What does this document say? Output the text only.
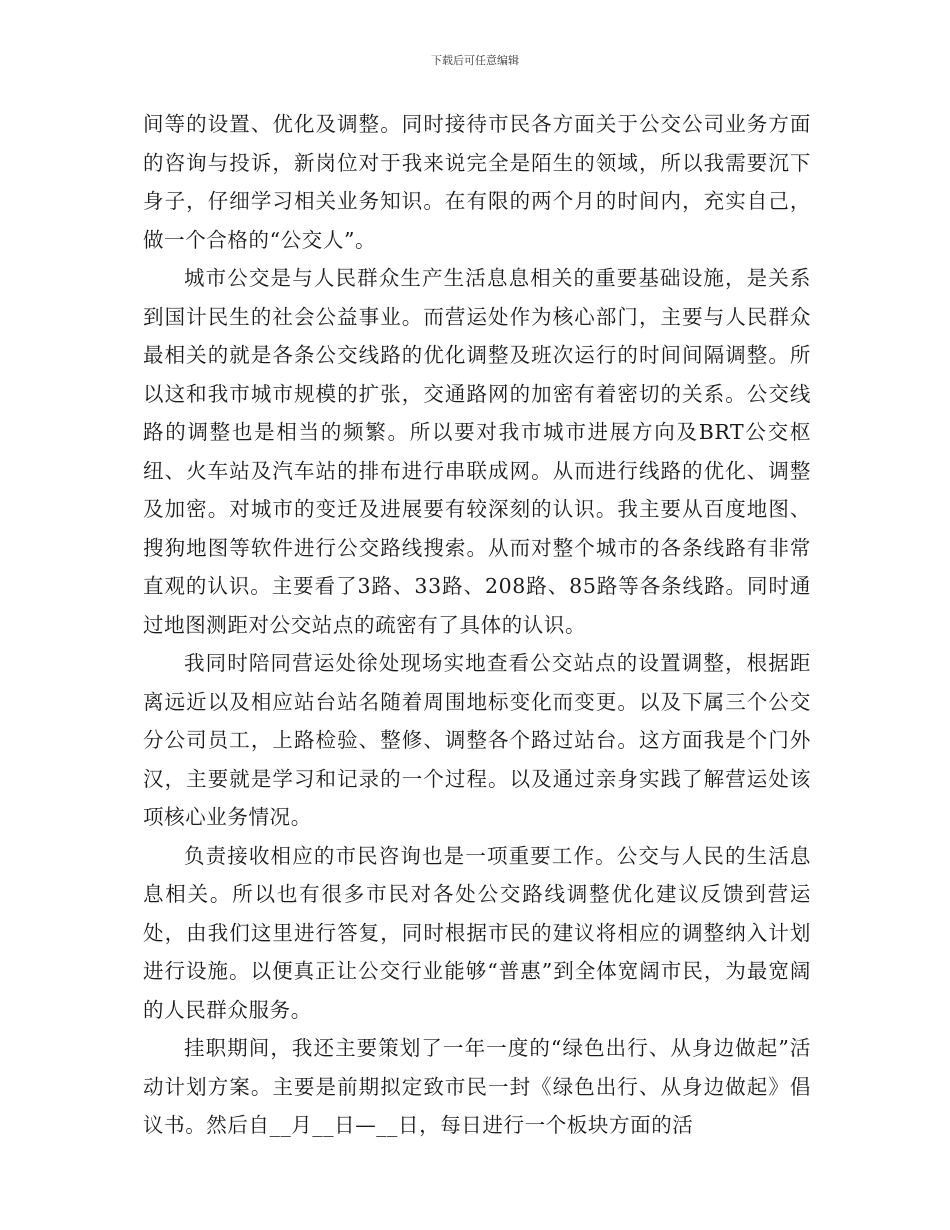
下载后可任意编辑

间等的设置、优化及调整。同时接待市民各方面关于公交公司业务方面的咨询与投诉，新岗位对于我来说完全是陌生的领域，所以我需要沉下身子，仔细学习相关业务知识。在有限的两个月的时间内，充实自己，做一个合格的“公交人”。

城市公交是与人民群众生产生活息息相关的重要基础设施，是关系到国计民生的社会公益事业。而营运处作为核心部门，主要与人民群众最相关的就是各条公交线路的优化调整及班次运行的时间间隔调整。所以这和我市城市规模的扩张，交通路网的加密有着密切的关系。公交线路的调整也是相当的频繁。所以要对我市城市进展方向及BRT公交枢纽、火车站及汽车站的排布进行串联成网。从而进行线路的优化、调整及加密。对城市的变迁及进展要有较深刻的认识。我主要从百度地图、搜狗地图等软件进行公交路线搜索。从而对整个城市的各条线路有非常直观的认识。主要看了3路、33路、208路、85路等各条线路。同时通过地图测距对公交站点的疏密有了具体的认识。

我同时陪同营运处徐处现场实地查看公交站点的设置调整，根据距离远近以及相应站台站名随着周围地标变化而变更。以及下属三个公交分公司员工，上路检验、整修、调整各个路过站台。这方面我是个门外汉，主要就是学习和记录的一个过程。以及通过亲身实践了解营运处该项核心业务情况。

负责接收相应的市民咨询也是一项重要工作。公交与人民的生活息息相关。所以也有很多市民对各处公交路线调整优化建议反馈到营运处，由我们这里进行答复，同时根据市民的建议将相应的调整纳入计划进行设施。以便真正让公交行业能够“普惠”到全体宽阔市民，为最宽阔的人民群众服务。

挂职期间，我还主要策划了一年一度的“绿色出行、从身边做起”活动计划方案。主要是前期拟定致市民一封《绿色出行、从身边做起》倡议书。然后自__月__日—__日，每日进行一个板块方面的活
